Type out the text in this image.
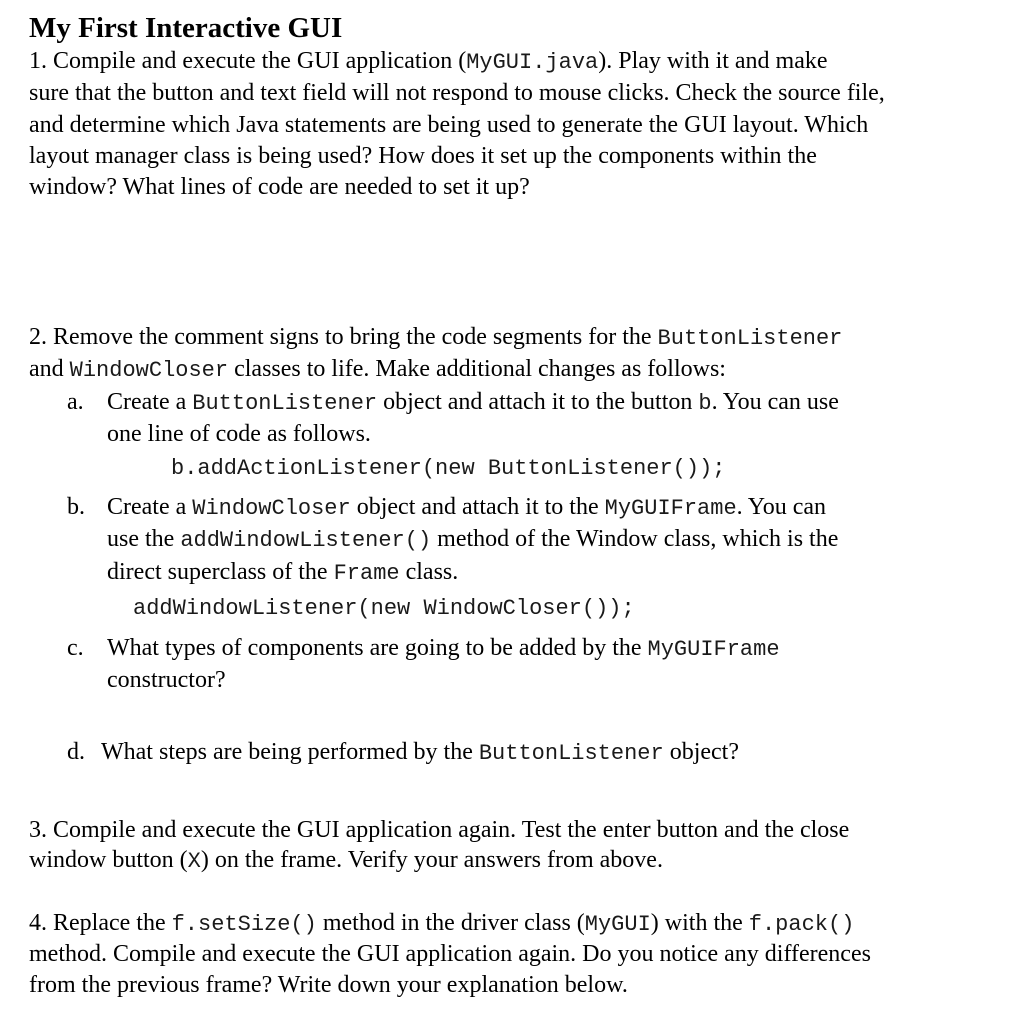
My First Interactive GUI
1. Compile and execute the GUI application (MyGUI.java). Play with it and make
sure that the button and text field will not respond to mouse clicks. Check the source file,
and determine which Java statements are being used to generate the GUI layout. Which
layout manager class is being used? How does it set up the components within the
window? What lines of code are needed to set it up?
2. Remove the comment signs to bring the code segments for the ButtonListener
and WindowCloser classes to life. Make additional changes as follows:
a. Create a ButtonListener object and attach it to the button b. You can use
one line of code as follows.
b.addActionListener(new ButtonListener());
b. Create a WindowCloser object and attach it to the MyGUIFrame. You can
use the addWindowListener() method of the Window class, which is the
direct superclass of the Frame class.
addWindowListener(new WindowCloser());
c. What types of components are going to be added by the MyGUIFrame
constructor?
d. What steps are being performed by the ButtonListener object?
3. Compile and execute the GUI application again. Test the enter button and the close
window button (X) on the frame. Verify your answers from above.
4. Replace the f.setSize() method in the driver class (MyGUI) with the f.pack()
method. Compile and execute the GUI application again. Do you notice any differences
from the previous frame? Write down your explanation below.
